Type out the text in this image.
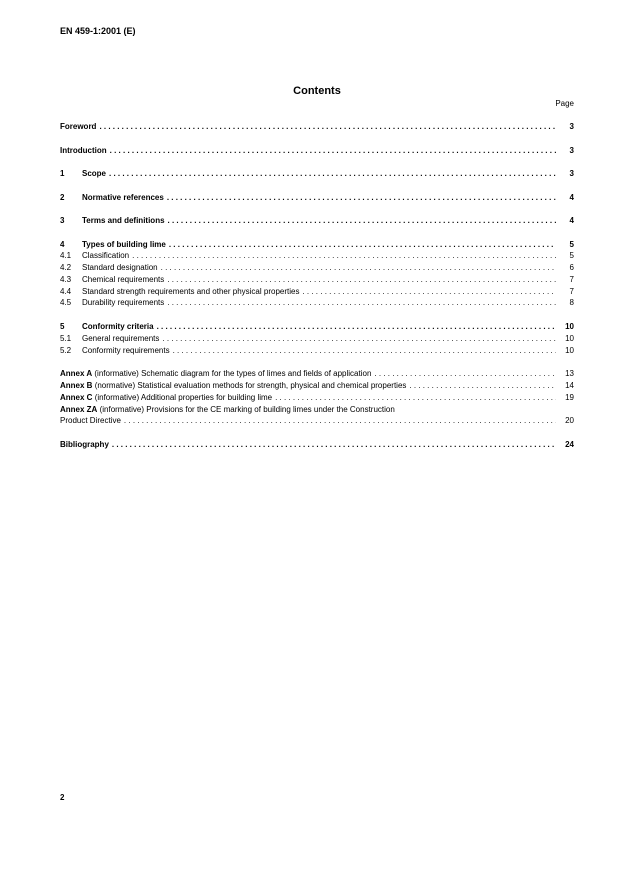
EN 459-1:2001 (E)
Contents
Page
Foreword . . .	3
Introduction . . .	3
1	Scope . . .	3
2	Normative references . . .	4
3	Terms and definitions . . .	4
4	Types of building lime . . .	5
4.1	Classification . . .	5
4.2	Standard designation . . .	6
4.3	Chemical requirements . . .	7
4.4	Standard strength requirements and other physical properties . . .	7
4.5	Durability requirements . . .	8
5	Conformity criteria . . .	10
5.1	General requirements . . .	10
5.2	Conformity requirements . . .	10
Annex A (informative) Schematic diagram for the types of limes and fields of application . . .	13
Annex B (normative) Statistical evaluation methods for strength, physical and chemical properties . . .	14
Annex C (informative) Additional properties for building lime . . .	19
Annex ZA (informative) Provisions for the CE marking of building limes under the Construction
Product Directive . . .	20
Bibliography . . .	24
2
